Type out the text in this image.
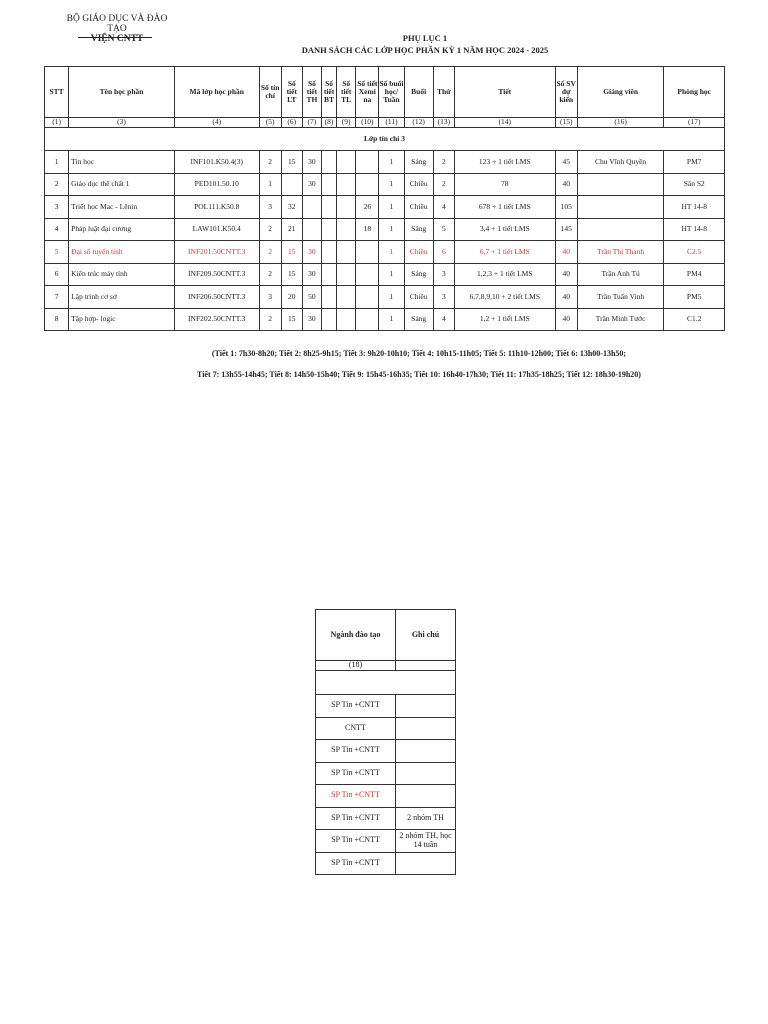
BỘ GIÁO DỤC VÀ ĐÀO TẠO
VIỆN CNTT	PHỤ LỤC 1
DANH SÁCH CÁC LỚP HỌC PHẦN KỲ 1 NĂM HỌC 2024 - 2025
STT	Tên học phần	Mã lớp học phần	Số tín chỉ	Số tiết LT	Số tiết TH	Số tiết BT	Số tiết TL	Số tiết Xemi na	Số buổi học/ Tuần	Buổi	Thứ	Tiết	Số SV dự kiến	Giảng viên	Phòng học
(1)	(3)	(4)	(5)	(6)	(7)	(8)	(9)	(10)	(11)	(12)	(13)	(14)	(15)	(16)	(17)
Lớp tín chỉ 3															
1	Tin học	INF101.K50.4(3)	2	15	30				1	Sáng	2	123 + 1 tiết LMS	45	Chu Vĩnh Quyền	PM7
2	Giáo dục thể chất 1	PED101.50.10	1		30				1	Chiều	2	78	40		Sân S2
3	Triết học Mac - Lênin	POL111.K50.8	3	32				26	1	Chiều	4	678 + 1 tiết LMS	105		HT 14-8
4	Pháp luật đại cương	LAW101.K50.4	2	21				18	1	Sáng	5	3,4 + 1 tiết LMS	145		HT 14-8
5	Đại số tuyến tính	INF201.50CNTT.3	2	15	30				1	Chiều	6	6,7 + 1 tiết LMS	40	Trần Thị Thanh	C2.5
6	Kiến trúc máy tính	INF209.50CNTT.3	2	15	30				1	Sáng	3	1,2,3 + 1 tiết LMS	40	Trần Anh Tú	PM4
7	Lập trình cơ sở	INF206.50CNTT.3	3	20	50				1	Chiều	3	6,7,8,9,10 + 2 tiết LMS	40	Trần Tuấn Vinh	PM5
8	Tập hợp- logic	INF202.50CNTT.3	2	15	30				1	Sáng	4	1,2 + 1 tiết LMS	40	Trần Minh Tước	C1.2
(Tiết 1: 7h30-8h20; Tiết 2: 8h25-9h15; Tiết 3: 9h20-10h10; Tiết 4: 10h15-11h05; Tiết 5: 11h10-12h00; Tiết 6: 13h00-13h50;
Tiết 7: 13h55-14h45; Tiết 8: 14h50-15h40; Tiết 9: 15h45-16h35; Tiết 10: 16h40-17h30; Tiết 11: 17h35-18h25; Tiết 12: 18h30-19h20)
Ngành đào tạo	Ghi chú
(18)	

SP Tin +CNTT	
CNTT	
SP Tin +CNTT	
SP Tin +CNTT	
SP Tin +CNTT	
SP Tin +CNTT	2 nhóm TH
SP Tin +CNTT	2 nhóm TH, học 14 tuần
SP Tin +CNTT	
